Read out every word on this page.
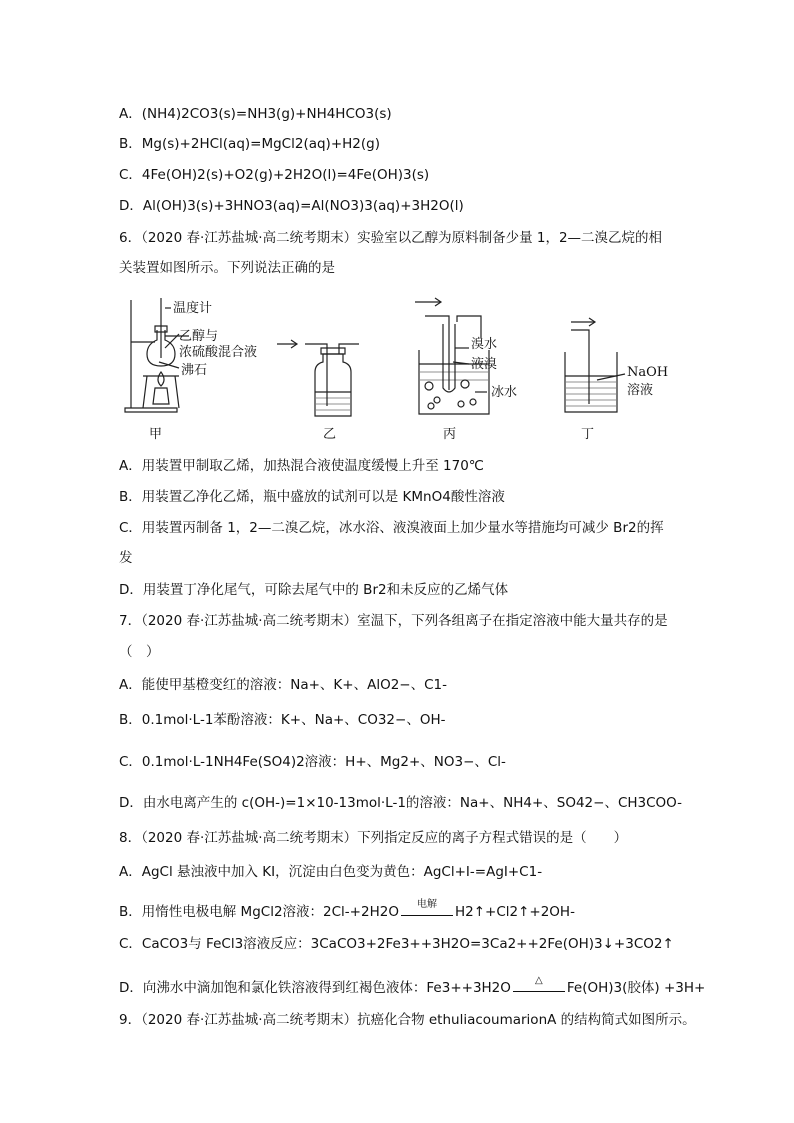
A．(NH4)2CO3(s)=NH3(g)+NH4HCO3(s)
B．Mg(s)+2HCl(aq)=MgCl2(aq)+H2(g)
C．4Fe(OH)2(s)+O2(g)+2H2O(l)=4Fe(OH)3(s)
D．Al(OH)3(s)+3HNO3(aq)=Al(NO3)3(aq)+3H2O(l)
6．（2020 春·江苏盐城·高二统考期末）实验室以乙醇为原料制备少量 1，2—二溴乙烷的相
关装置如图所示。下列说法正确的是
温度计
乙醇与
浓硫酸混合液
沸石
溴水
液溴
冰水
NaOH
溶液
甲	乙	丙	丁
A．用装置甲制取乙烯，加热混合液使温度缓慢上升至 170℃
B．用装置乙净化乙烯，瓶中盛放的试剂可以是 KMnO4酸性溶液
C．用装置丙制备 1，2—二溴乙烷，冰水浴、液溴液面上加少量水等措施均可减少 Br2的挥
发
D．用装置丁净化尾气，可除去尾气中的 Br2和未反应的乙烯气体
7．（2020 春·江苏盐城·高二统考期末）室温下，下列各组离子在指定溶液中能大量共存的是
（　）
A．能使甲基橙变红的溶液：Na+、K+、AlO2−、C1-
B．0.1mol·L-1苯酚溶液：K+、Na+、CO32−、OH-
C．0.1mol·L-1NH4Fe(SO4)2溶液：H+、Mg2+、NO3−、Cl-
D．由水电离产生的 c(OH-)=1×10-13mol·L-1的溶液：Na+、NH4+、SO42−、CH3COO-
8．（2020 春·江苏盐城·高二统考期末）下列指定反应的离子方程式错误的是（　　）
A．AgCl 悬浊液中加入 KI，沉淀由白色变为黄色：AgCl+I-=AgI+C1-
B．用惰性电极电解 MgCl2溶液：2Cl-+2H2O	电解	H2↑+Cl2↑+2OH-
C．CaCO3与 FeCl3溶液反应：3CaCO3+2Fe3++3H2O=3Ca2++2Fe(OH)3↓+3CO2↑
D．向沸水中滴加饱和氯化铁溶液得到红褐色液体：Fe3++3H2O	△	Fe(OH)3(胶体) +3H+
9．（2020 春·江苏盐城·高二统考期末）抗癌化合物 ethuliacoumarionA 的结构简式如图所示。
